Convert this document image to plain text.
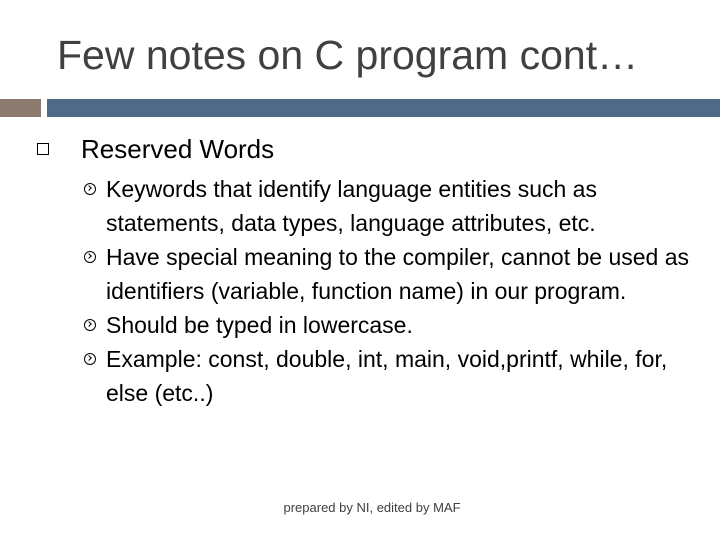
Few notes on C program cont…
Reserved Words
Keywords that identify language entities such as statements, data types, language attributes, etc.
Have special meaning to the compiler, cannot be used as identifiers (variable, function name) in our program.
Should be typed in lowercase.
Example: const, double, int, main, void,printf, while, for, else (etc..)
prepared by NI, edited by MAF
